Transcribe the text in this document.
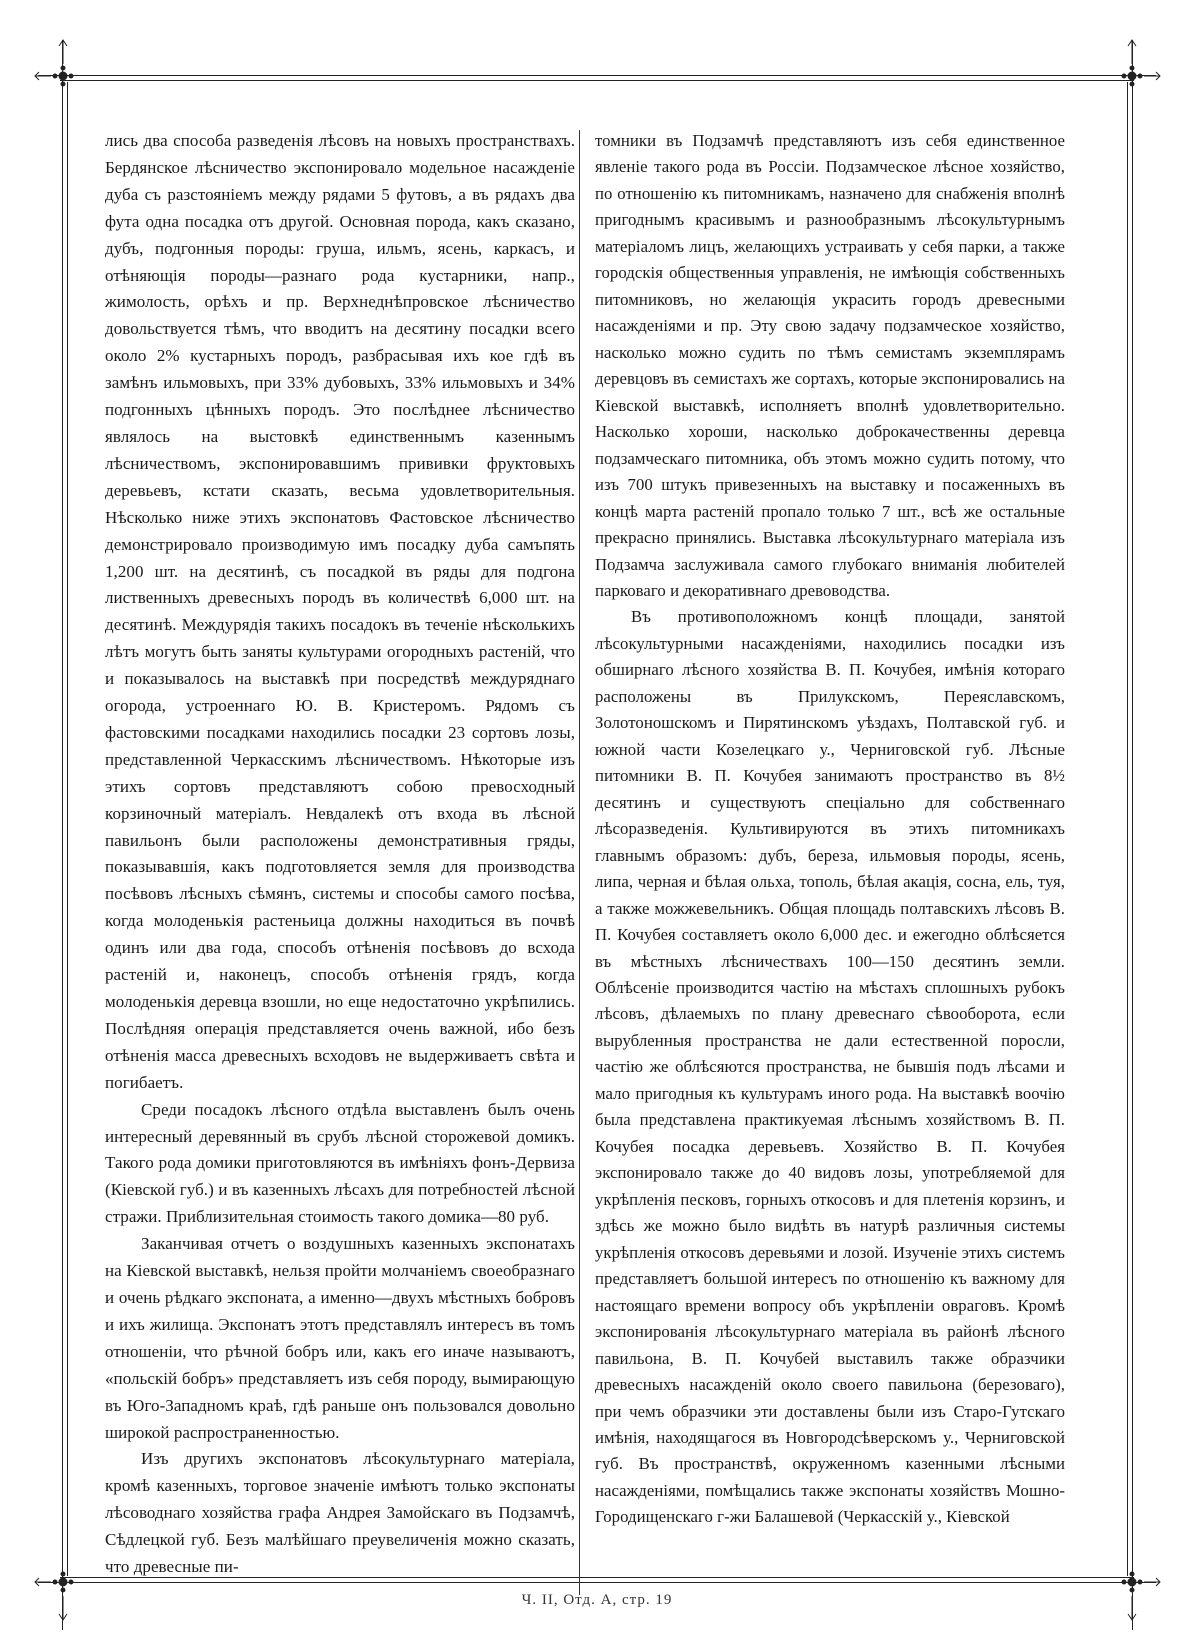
лись два способа разведенія лѣсовъ на новыхъ пространствахъ. Бердянское лѣсничество экспонировало модельное насажденіе дуба съ разстояніемъ между рядами 5 футовъ, а въ рядахъ два фута одна посадка отъ другой. Основная порода, какъ сказано, дубъ, подгонныя породы: груша, ильмъ, ясень, каркасъ, и отѣняющія породы—разнаго рода кустарники, напр., жимолость, орѣхъ и пр. Верхнеднѣпровское лѣсничество довольствуется тѣмъ, что вводитъ на десятину посадки всего около 2% кустарныхъ породъ, разбрасывая ихъ кое гдѣ въ замѣнъ ильмовыхъ, при 33% дубовыхъ, 33% ильмовыхъ и 34% подгонныхъ цѣнныхъ породъ. Это послѣднее лѣсничество являлось на выстовкѣ единственнымъ казеннымъ лѣсничествомъ, экспонировавшимъ прививки фруктовыхъ деревьевъ, кстати сказать, весьма удовлетворительныя. Нѣсколько ниже этихъ экспонатовъ Фастовское лѣсничество демонстрировало производимую имъ посадку дуба самъпять 1,200 шт. на десятинѣ, съ посадкой въ ряды для подгона лиственныхъ древесныхъ породъ въ количествѣ 6,000 шт. на десятинѣ. Междурядія такихъ посадокъ въ теченіе нѣсколькихъ лѣтъ могутъ быть заняты культурами огородныхъ растеній, что и показывалось на выставкѣ при посредствѣ междуряднаго огорода, устроеннаго Ю. В. Кристеромъ. Рядомъ съ фастовскими посадками находились посадки 23 сортовъ лозы, представленной Черкасскимъ лѣсничествомъ. Нѣкоторые изъ этихъ сортовъ представляютъ собою превосходный корзиночный матеріалъ. Невдалекѣ отъ входа въ лѣсной павильонъ были расположены демонстративныя гряды, показывавшія, какъ подготовляется земля для производства посѣвовъ лѣсныхъ сѣмянъ, системы и способы самого посѣва, когда молоденькія растеньица должны находиться въ почвѣ одинъ или два года, способъ отѣненія посѣвовъ до всхода растеній и, наконецъ, способъ отѣненія грядъ, когда молоденькія деревца взошли, но еще недостаточно укрѣпились. Послѣдняя операція представляется очень важной, ибо безъ отѣненія масса древесныхъ всходовъ не выдерживаетъ свѣта и погибаетъ.

Среди посадокъ лѣсного отдѣла выставленъ былъ очень интересный деревянный въ срубъ лѣсной сторожевой домикъ. Такого рода домики приготовляются въ имѣніяхъ фонъ-Дервиза (Кіевской губ.) и въ казенныхъ лѣсахъ для потребностей лѣсной стражи. Приблизительная стоимость такого домика—80 руб.

Заканчивая отчетъ о воздушныхъ казенныхъ экспонатахъ на Кіевской выставкѣ, нельзя пройти молчаніемъ своеобразнаго и очень рѣдкаго экспоната, а именно—двухъ мѣстныхъ бобровъ и ихъ жилища. Экспонатъ этотъ представлялъ интересъ въ томъ отношеніи, что рѣчной бобръ или, какъ его иначе называютъ, «польскій бобръ» представляетъ изъ себя породу, вымирающую въ Юго-Западномъ краѣ, гдѣ раньше онъ пользовался довольно широкой распространенностью.

Изъ другихъ экспонатовъ лѣсокультурнаго матеріала, кромѣ казенныхъ, торговое значеніе имѣютъ только экспонаты лѣсоводнаго хозяйства графа Андрея Замойскаго въ Подзамчѣ, Сѣдлецкой губ. Безъ малѣйшаго преувеличенія можно сказать, что древесные пи-

томники въ Подзамчѣ представляютъ изъ себя единственное явленіе такого рода въ Россіи. Подзамческое лѣсное хозяйство, по отношенію къ питомникамъ, назначено для снабженія вполнѣ пригоднымъ красивымъ и разнообразнымъ лѣсокультурнымъ матеріаломъ лицъ, желающихъ устраивать у себя парки, а также городскія общественныя управленія, не имѣющія собственныхъ питомниковъ, но желающія украсить городъ древесными насажденіями и пр. Эту свою задачу подзамческое хозяйство, насколько можно судить по тѣмъ семистамъ экземплярамъ деревцовъ въ семистахъ же сортахъ, которые экспонировались на Кіевской выставкѣ, исполняетъ вполнѣ удовлетворительно. Насколько хороши, насколько доброкачественны деревца подзамческаго питомника, объ этомъ можно судить потому, что изъ 700 штукъ привезенныхъ на выставку и посаженныхъ въ концѣ марта растеній пропало только 7 шт., всѣ же остальные прекрасно принялись. Выставка лѣсокультурнаго матеріала изъ Подзамча заслуживала самого глубокаго вниманія любителей парковаго и декоративнаго древоводства.

Въ противоположномъ концѣ площади, занятой лѣсокультурными насажденіями, находились посадки изъ обширнаго лѣсного хозяйства В. П. Кочубея, имѣнія котораго расположены въ Прилукскомъ, Переяславскомъ, Золотоношскомъ и Пирятинскомъ уѣздахъ, Полтавской губ. и южной части Козелецкаго у., Черниговской губ. Лѣсные питомники В. П. Кочубея занимаютъ пространство въ 8½ десятинъ и существуютъ спеціально для собственнаго лѣсоразведенія. Культивируются въ этихъ питомникахъ главнымъ образомъ: дубъ, береза, ильмовыя породы, ясень, липа, черная и бѣлая ольха, тополь, бѣлая акація, сосна, ель, туя, а также можжевельникъ. Общая площадь полтавскихъ лѣсовъ В. П. Кочубея составляетъ около 6,000 дес. и ежегодно облѣсяется въ мѣстныхъ лѣсничествахъ 100—150 десятинъ земли. Облѣсеніе производится частію на мѣстахъ сплошныхъ рубокъ лѣсовъ, дѣлаемыхъ по плану древеснаго сѣвооборота, если вырубленныя пространства не дали естественной поросли, частію же облѣсяются пространства, не бывшія подъ лѣсами и мало пригодныя къ культурамъ иного рода. На выставкѣ воочію была представлена практикуемая лѣснымъ хозяйствомъ В. П. Кочубея посадка деревьевъ. Хозяйство В. П. Кочубея экспонировало также до 40 видовъ лозы, употребляемой для укрѣпленія песковъ, горныхъ откосовъ и для плетенія корзинъ, и здѣсь же можно было видѣть въ натурѣ различныя системы укрѣпленія откосовъ деревьями и лозой. Изученіе этихъ системъ представляетъ большой интересъ по отношенію къ важному для настоящаго времени вопросу объ укрѣпленіи овраговъ. Кромѣ экспонированія лѣсокультурнаго матеріала въ районѣ лѣсного павильона, В. П. Кочубей выставилъ также образчики древесныхъ насажденій около своего павильона (березоваго), при чемъ образчики эти доставлены были изъ Старо-Гутскаго имѣнія, находящагося въ Новгородсѣверскомъ у., Черниговской губ. Въ пространствѣ, окруженномъ казенными лѣсными насажденіями, помѣщались также экспонаты хозяйствъ Мошно-Городищенскаго г-жи Балашевой (Черкасскій у., Кіевской

Ч. II, Отд. А, стр. 19
